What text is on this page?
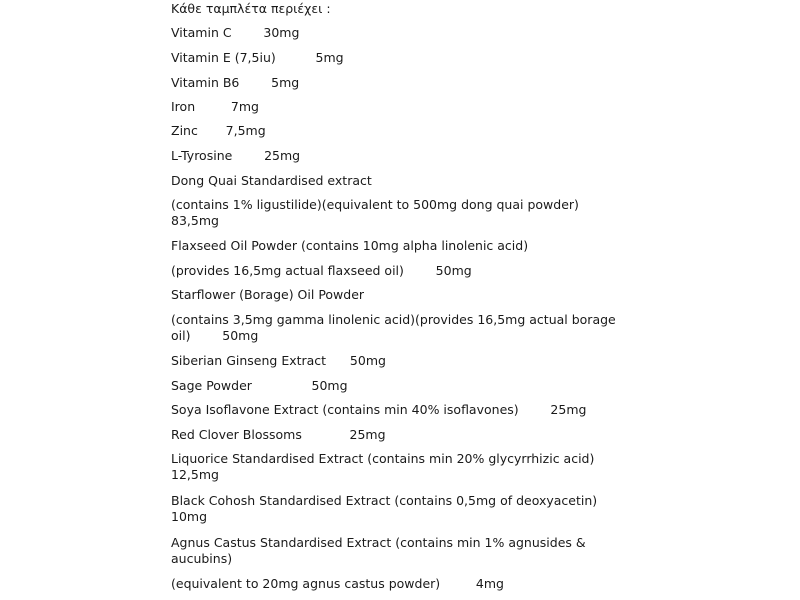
Κάθε ταμπλέτα περιέχει :
Vitamin C        30mg
Vitamin E (7,5iu)          5mg
Vitamin B6        5mg
Iron         7mg
Zinc       7,5mg
L-Tyrosine        25mg
Dong Quai Standardised extract
(contains 1% ligustilide)(equivalent to 500mg dong quai powder)
83,5mg
Flaxseed Oil Powder (contains 10mg alpha linolenic acid)
(provides 16,5mg actual flaxseed oil)        50mg
Starflower (Borage) Oil Powder
(contains 3,5mg gamma linolenic acid)(provides 16,5mg actual borage
oil)        50mg
Siberian Ginseng Extract      50mg
Sage Powder               50mg
Soya Isoflavone Extract (contains min 40% isoflavones)        25mg
Red Clover Blossoms            25mg
Liquorice Standardised Extract (contains min 20% glycyrrhizic acid)
12,5mg
Black Cohosh Standardised Extract (contains 0,5mg of deoxyacetin)
10mg
Agnus Castus Standardised Extract (contains min 1% agnusides &
aucubins)
(equivalent to 20mg agnus castus powder)         4mg
